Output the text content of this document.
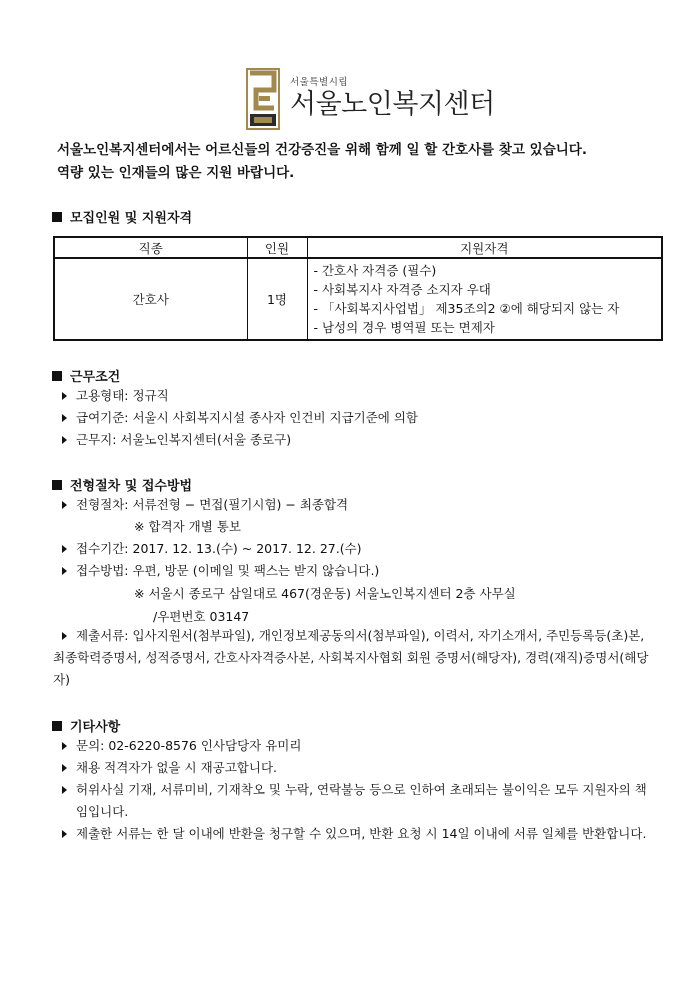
서울특별시립
서울노인복지센터

서울노인복지센터에서는 어르신들의 건강증진을 위해 함께 일 할 간호사를 찾고 있습니다.

역량 있는 인재들의 많은 지원 바랍니다.

모집인원 및 지원자격
직종	인원	지원자격
간호사	1명	- 간호사 자격증 (필수)
- 사회복지사 자격증 소지자 우대
- 「사회복지사업법」 제35조의2 ②에 해당되지 않는 자
- 남성의 경우 병역필 또는 면제자
근무조건
고용형태: 정규직
급여기준: 서울시 사회복지시설 종사자 인건비 지급기준에 의함
근무지: 서울노인복지센터(서울 종로구)
전형절차 및 접수방법
전형절차: 서류전형 − 면접(필기시험) − 최종합격
※ 합격자 개별 통보
접수기간: 2017. 12. 13.(수) ~ 2017. 12. 27.(수)
접수방법: 우편, 방문 (이메일 및 팩스는 받지 않습니다.)
※ 서울시 종로구 삼일대로 467(경운동) 서울노인복지센터 2층 사무실
/우편번호 03147
제출서류: 입사지원서(첨부파일), 개인정보제공동의서(첨부파일), 이력서, 자기소개서, 주민등록등(초)본, 최종학력증명서, 성적증명서, 간호사자격증사본, 사회복지사협회 회원 증명서(해당자), 경력(재직)증명서(해당자)
기타사항
문의: 02-6220-8576 인사담당자 유미리
채용 적격자가 없을 시 재공고합니다.
허위사실 기재, 서류미비, 기재착오 및 누락, 연락불능 등으로 인하여 초래되는 불이익은 모두 지원자의 책임입니다.
제출한 서류는 한 달 이내에 반환을 청구할 수 있으며, 반환 요청 시 14일 이내에 서류 일체를 반환합니다.
